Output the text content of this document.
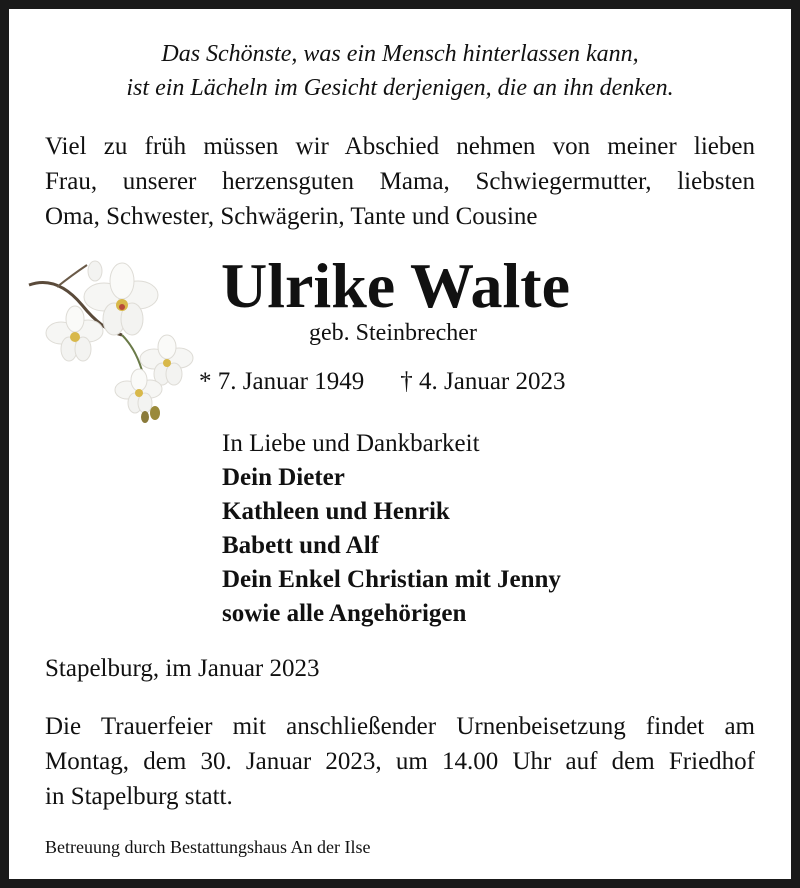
Das Schönste, was ein Mensch hinterlassen kann,
ist ein Lächeln im Gesicht derjenigen, die an ihn denken.
Viel zu früh müssen wir Abschied nehmen von meiner lieben
Frau, unserer herzensguten Mama, Schwiegermutter, liebsten
Oma, Schwester, Schwägerin, Tante und Cousine
Ulrike Walte
geb. Steinbrecher
* 7. Januar 1949 † 4. Januar 2023
In Liebe und Dankbarkeit
Dein Dieter
Kathleen und Henrik
Babett und Alf
Dein Enkel Christian mit Jenny
sowie alle Angehörigen
Stapelburg, im Januar 2023
Die Trauerfeier mit anschließender Urnenbeisetzung findet am
Montag, dem 30. Januar 2023, um 14.00 Uhr auf dem Friedhof
in Stapelburg statt.
Betreuung durch Bestattungshaus An der Ilse
